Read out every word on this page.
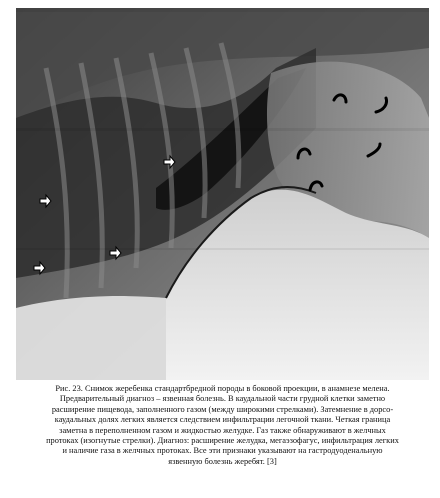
Рис. 23. Снимок жеребенка стандартбредной породы в боковой проекции, в анамнезе мелена.
Предварительный диагноз – язвенная болезнь. В каудальной части грудной клетки заметно
расширение пищевода, заполненного газом (между широкими стрелками). Затемнение в дорсо-
каудальных долях легких является следствием инфильтрации легочной ткани. Четкая граница
заметна в переполненном газом и жидкостью желудке. Газ также обнаруживают в желчных
протоках (изогнутые стрелки). Диагноз: расширение желудка, мегаэзофагус, инфильтрация легких
и наличие газа в желчных протоках. Все эти признаки указывают на гастродуоденальную
язвенную болезнь жеребят. [3]
